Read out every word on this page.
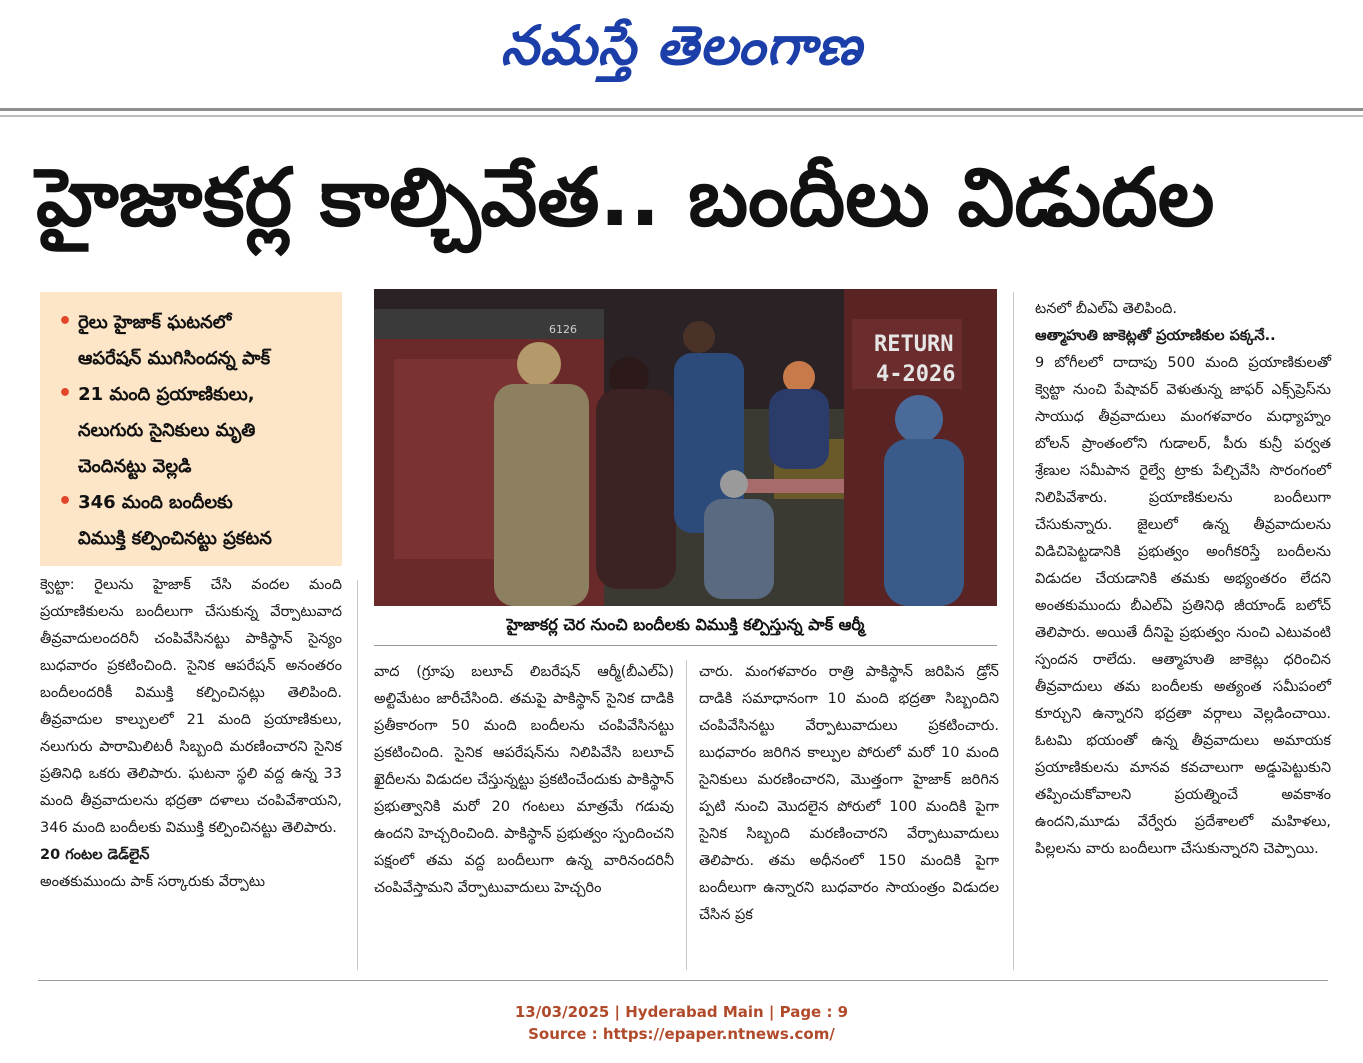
నమస్తే తెలంగాణ
హైజాకర్ల కాల్చివేత.. బందీలు విడుదల
• రైలు హైజాక్ ఘటనలో
ఆపరేషన్ ముగిసిందన్న పాక్
• 21 మంది ప్రయాణికులు,
నలుగురు సైనికులు మృతి
చెందినట్టు వెల్లడి
• 346 మంది బందీలకు
విముక్తి కల్పించినట్టు ప్రకటన
6126
RETURN
4-2026
హైజాకర్ల చెర నుంచి బందీలకు విముక్తి కల్పిస్తున్న పాక్ ఆర్మీ

క్వెట్టా: రైలును హైజాక్ చేసి వందల మంది ప్రయాణికులను బందీలుగా చేసుకున్న వేర్పాటువాద తీవ్రవాదులందరినీ చంపివేసినట్టు పాకిస్థాన్ సైన్యం బుధవారం ప్రకటించింది. సైనిక ఆపరేషన్ అనంతరం బందీలందరికీ విముక్తి కల్పించినట్లు తెలిపింది. తీవ్రవాదుల కాల్పులలో 21 మంది ప్రయాణికులు, నలుగురు పారామిలిటరీ సిబ్బంది మరణించారని సైనిక ప్రతినిధి ఒకరు తెలిపారు. ఘటనా స్థలి వద్ద ఉన్న 33 మంది తీవ్రవాదులను భద్రతా దళాలు చంపివేశాయని, 346 మంది బందీలకు విముక్తి కల్పించినట్టు తెలిపారు.

20 గంటల డెడ్‌లైన్

అంతకుముందు పాక్ సర్కారుకు వేర్పాటు

వాద (గ్రూపు బలూచ్ లిబరేషన్ ఆర్మీ(బీఎల్ఏ) అల్టిమేటం జారీచేసింది. తమపై పాకిస్థాన్ సైనిక దాడికి ప్రతీకారంగా 50 మంది బందీలను చంపివేసినట్టు ప్రకటించింది. సైనిక ఆపరేషన్‌ను నిలిపివేసి బలూచ్ ఖైదీలను విడుదల చేస్తున్నట్టు ప్రకటించేందుకు పాకిస్థాన్ ప్రభుత్వానికి మరో 20 గంటలు మాత్రమే గడువు ఉందని హెచ్చరించింది. పాకిస్థాన్ ప్రభుత్వం స్పందించని పక్షంలో తమ వద్ద బందీలుగా ఉన్న వారినందరినీ చంపివేస్తామని వేర్పాటువాదులు హెచ్చరిం

చారు. మంగళవారం రాత్రి పాకిస్థాన్ జరిపిన డ్రోన్ దాడికి సమాధానంగా 10 మంది భద్రతా సిబ్బందిని చంపివేసినట్టు వేర్పాటువాదులు ప్రకటించారు. బుధవారం జరిగిన కాల్పుల పోరులో మరో 10 మంది సైనికులు మరణించారని, మొత్తంగా హైజాక్ జరిగిన ప్పటి నుంచి మొదలైన పోరులో 100 మందికి పైగా సైనిక సిబ్బంది మరణించారని వేర్పాటువాదులు తెలిపారు. తమ అధీనంలో 150 మందికి పైగా బందీలుగా ఉన్నారని బుధవారం సాయంత్రం విడుదల చేసిన ప్రక

టనలో బీఎల్ఏ తెలిపింది.

ఆత్మాహుతి జాకెట్లతో ప్రయాణికుల పక్కనే..

9 బోగీలలో దాదాపు 500 మంది ప్రయాణికులతో క్వెట్టా నుంచి పేషావర్ వెళుతున్న జాఫర్ ఎక్స్‌ప్రెస్‌ను సాయుధ తీవ్రవాదులు మంగళవారం మధ్యాహ్నం బోలన్ ప్రాంతంలోని గుడాలర్, పీరు కున్రీ పర్వత శ్రేణుల సమీపాన రైల్వే ట్రాకు పేల్చివేసి సొరంగంలో నిలిపివేశారు. ప్రయాణికులను బందీలుగా చేసుకున్నారు. జైలులో ఉన్న తీవ్రవాదులను విడిచిపెట్టడానికి ప్రభుత్వం అంగీకరిస్తే బందీలను విడుదల చేయడానికి తమకు అభ్యంతరం లేదని అంతకుముందు బీఎల్ఏ ప్రతినిధి జీయాండ్ బలోచ్ తెలిపారు. అయితే దీనిపై ప్రభుత్వం నుంచి ఎటువంటి స్పందన రాలేదు. ఆత్మాహుతి జాకెట్లు ధరించిన తీవ్రవాదులు తమ బందీలకు అత్యంత సమీపంలో కూర్చుని ఉన్నారని భద్రతా వర్గాలు వెల్లడించాయి. ఓటమి భయంతో ఉన్న తీవ్రవాదులు అమాయక ప్రయాణికులను మానవ కవచాలుగా అడ్డుపెట్టుకుని తప్పించుకోవాలని ప్రయత్నించే అవకాశం ఉందని,మూడు వేర్వేరు ప్రదేశాలలో మహిళలు, పిల్లలను వారు బందీలుగా చేసుకున్నారని చెప్పాయి.

13/03/2025 | Hyderabad Main | Page : 9
Source : https://epaper.ntnews.com/
